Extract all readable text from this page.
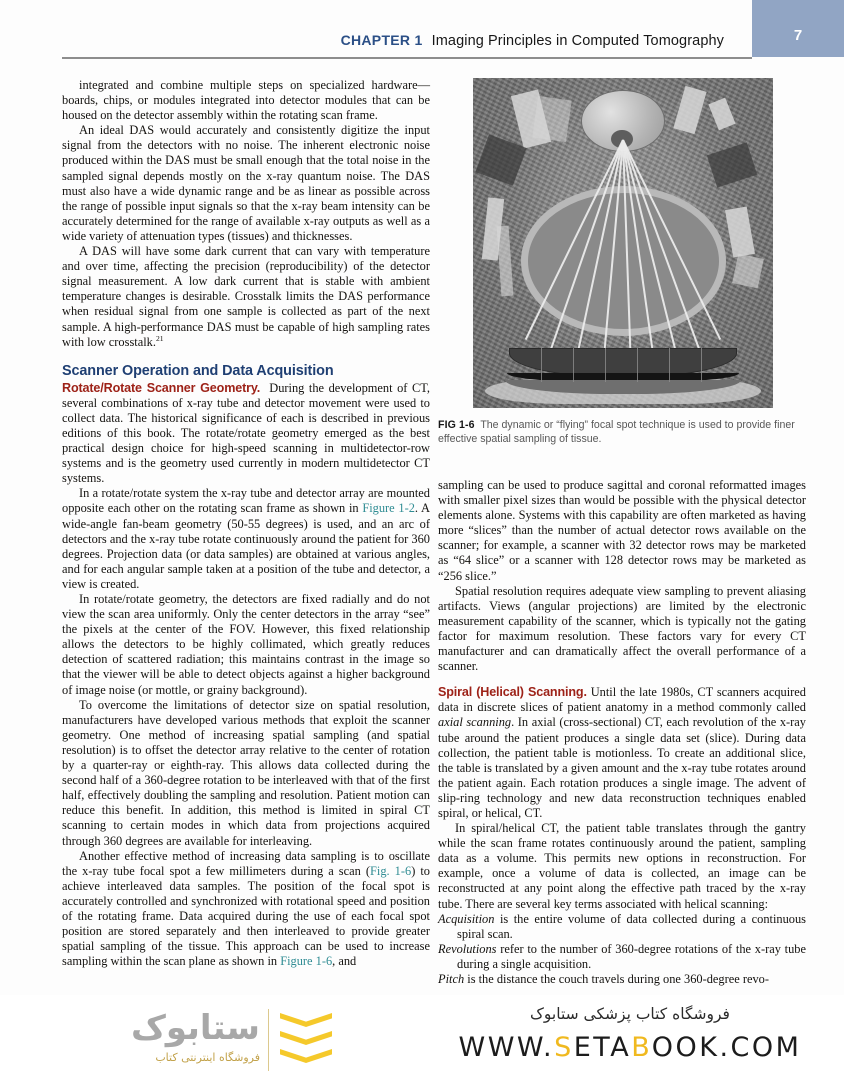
CHAPTER 1 Imaging Principles in Computed Tomography	7

integrated and combine multiple steps on specialized hardware—boards, chips, or modules integrated into detector modules that can be housed on the detector assembly within the rotating scan frame.

An ideal DAS would accurately and consistently digitize the input signal from the detectors with no noise. The inherent electronic noise produced within the DAS must be small enough that the total noise in the sampled signal depends mostly on the x-ray quantum noise. The DAS must also have a wide dynamic range and be as linear as possible across the range of possible input signals so that the x-ray beam intensity can be accurately determined for the range of available x-ray outputs as well as a wide variety of attenuation types (tissues) and thicknesses.

A DAS will have some dark current that can vary with temperature and over time, affecting the precision (reproducibility) of the detector signal measurement. A low dark current that is stable with ambient temperature changes is desirable. Crosstalk limits the DAS performance when residual signal from one sample is collected as part of the next sample. A high-performance DAS must be capable of high sampling rates with low crosstalk.$^{21}$

Scanner Operation and Data Acquisition

Rotate/Rotate Scanner Geometry. During the development of CT, several combinations of x-ray tube and detector movement were used to collect data. The historical significance of each is described in previous editions of this book. The rotate/rotate geometry emerged as the best practical design choice for high-speed scanning in multidetector-row systems and is the geometry used currently in modern multidetector CT systems.

In a rotate/rotate system the x-ray tube and detector array are mounted opposite each other on the rotating scan frame as shown in Figure 1-2. A wide-angle fan-beam geometry (50-55 degrees) is used, and an arc of detectors and the x-ray tube rotate continuously around the patient for 360 degrees. Projection data (or data samples) are obtained at various angles, and for each angular sample taken at a position of the tube and detector, a view is created.

In rotate/rotate geometry, the detectors are fixed radially and do not view the scan area uniformly. Only the center detectors in the array “see” the pixels at the center of the FOV. However, this fixed relationship allows the detectors to be highly collimated, which greatly reduces detection of scattered radiation; this maintains contrast in the image so that the viewer will be able to detect objects against a higher background of image noise (or mottle, or grainy background).

To overcome the limitations of detector size on spatial resolution, manufacturers have developed various methods that exploit the scanner geometry. One method of increasing spatial sampling (and spatial resolution) is to offset the detector array relative to the center of rotation by a quarter-ray or eighth-ray. This allows data collected during the second half of a 360-degree rotation to be interleaved with that of the first half, effectively doubling the sampling and resolution. Patient motion can reduce this benefit. In addition, this method is limited in spiral CT scanning to certain modes in which data from projections acquired through 360 degrees are available for interleaving.

Another effective method of increasing data sampling is to oscillate the x-ray tube focal spot a few millimeters during a scan (Fig. 1-6) to achieve interleaved data samples. The position of the focal spot is accurately controlled and synchronized with rotational speed and position of the rotating frame. Data acquired during the use of each focal spot position are stored separately and then interleaved to provide greater spatial sampling of the tissue. This approach can be used to increase sampling within the scan plane as shown in Figure 1-6, and

FIG 1-6 The dynamic or “flying” focal spot technique is used to provide finer effective spatial sampling of tissue.

sampling can be used to produce sagittal and coronal reformatted images with smaller pixel sizes than would be possible with the physical detector elements alone. Systems with this capability are often marketed as having more “slices” than the number of actual detector rows available on the scanner; for example, a scanner with 32 detector rows may be marketed as “64 slice” or a scanner with 128 detector rows may be marketed as “256 slice.”

Spatial resolution requires adequate view sampling to prevent aliasing artifacts. Views (angular projections) are limited by the electronic measurement capability of the scanner, which is typically not the gating factor for maximum resolution. These factors vary for every CT manufacturer and can dramatically affect the overall performance of a scanner.

Spiral (Helical) Scanning. Until the late 1980s, CT scanners acquired data in discrete slices of patient anatomy in a method commonly called axial scanning. In axial (cross-sectional) CT, each revolution of the x-ray tube around the patient produces a single data set (slice). During data collection, the patient table is motionless. To create an additional slice, the table is translated by a given amount and the x-ray tube rotates around the patient again. Each rotation produces a single image. The advent of slip-ring technology and new data reconstruction techniques enabled spiral, or helical, CT.

In spiral/helical CT, the patient table translates through the gantry while the scan frame rotates continuously around the patient, sampling data as a volume. This permits new options in reconstruction. For example, once a volume of data is collected, an image can be reconstructed at any point along the effective path traced by the x-ray tube. There are several key terms associated with helical scanning:

Acquisition is the entire volume of data collected during a continuous spiral scan.

Revolutions refer to the number of 360-degree rotations of the x-ray tube during a single acquisition.

Pitch is the distance the couch travels during one 360-degree revo-

ستابوک
فروشگاه اینترنتی کتاب
فروشگاه کتاب پزشکی ستابوک
WWW.SETABOOK.COM
